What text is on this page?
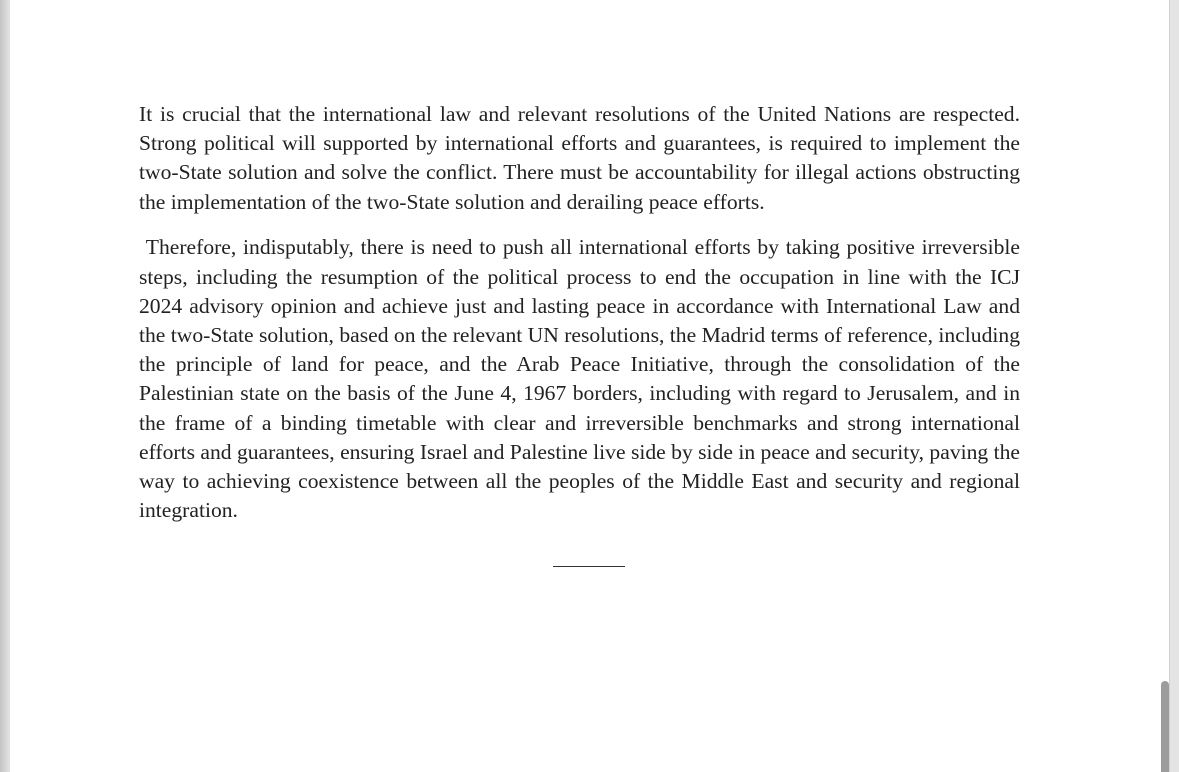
It is crucial that the international law and relevant resolutions of the United Nations are respected. Strong political will supported by international efforts and guarantees, is required to implement the two-State solution and solve the conflict. There must be accountability for illegal actions obstructing the implementation of the two-State solution and derailing peace efforts.

Therefore, indisputably, there is need to push all international efforts by taking positive irreversible steps, including the resumption of the political process to end the occupation in line with the ICJ 2024 advisory opinion and achieve just and lasting peace in accordance with International Law and the two-State solution, based on the relevant UN resolutions, the Madrid terms of reference, including the principle of land for peace, and the Arab Peace Initiative, through the consolidation of the Palestinian state on the basis of the June 4, 1967 borders, including with regard to Jerusalem, and in the frame of a binding timetable with clear and irreversible benchmarks and strong international efforts and guarantees, ensuring Israel and Palestine live side by side in peace and security, paving the way to achieving coexistence between all the peoples of the Middle East and security and regional integration.
